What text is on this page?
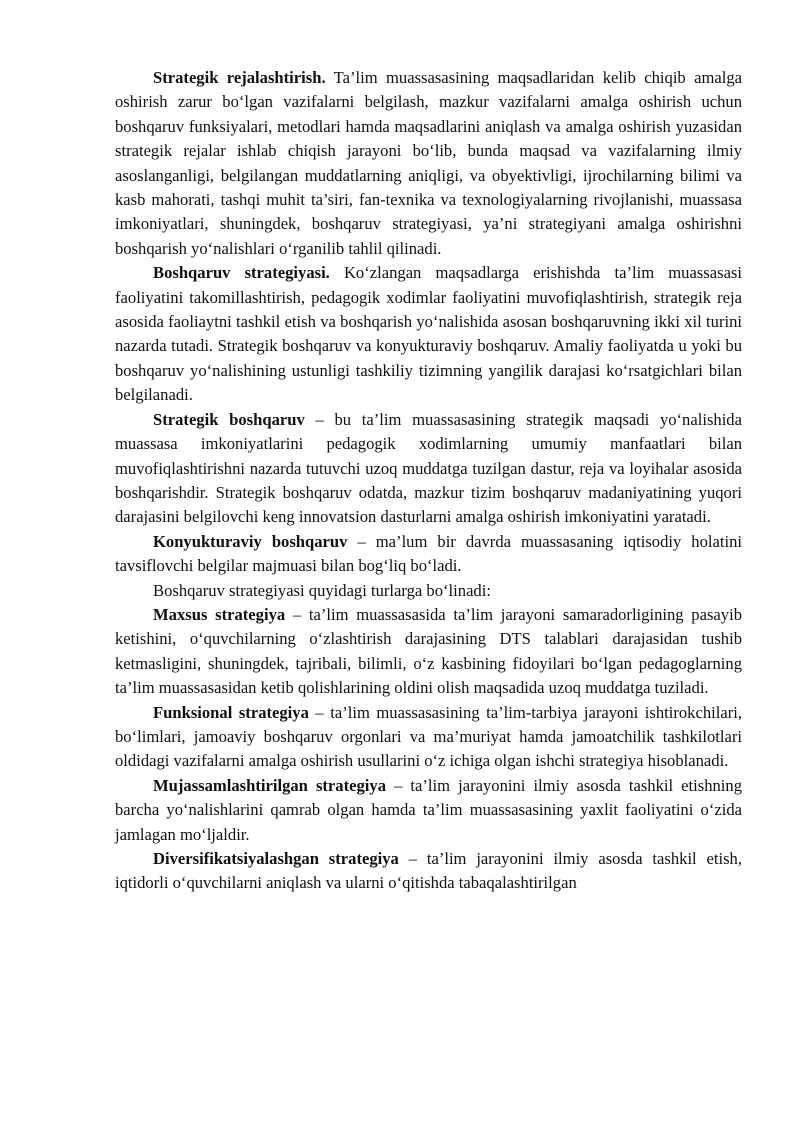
Strategik rejalashtirish. Ta’lim muassasasining maqsadlaridan kelib chiqib amalga oshirish zarur bo‘lgan vazifalarni belgilash, mazkur vazifalarni amalga oshirish uchun boshqaruv funksiyalari, metodlari hamda maqsadlarini aniqlash va amalga oshirish yuzasidan strategik rejalar ishlab chiqish jarayoni bo‘lib, bunda maqsad va vazifalarning ilmiy asoslanganligi, belgilangan muddatlarning aniqligi, va obyektivligi, ijrochilarning bilimi va kasb mahorati, tashqi muhit ta’siri, fan-texnika va texnologiyalarning rivojlanishi, muassasa imkoniyatlari, shuningdek, boshqaruv strategiyasi, ya’ni strategiyani amalga oshirishni boshqarish yo‘nalishlari o‘rganilib tahlil qilinadi.

Boshqaruv strategiyasi. Ko‘zlangan maqsadlarga erishishda ta’lim muassasasi faoliyatini takomillashtirish, pedagogik xodimlar faoliyatini muvofiqlashtirish, strategik reja asosida faoliaytni tashkil etish va boshqarish yo‘nalishida asosan boshqaruvning ikki xil turini nazarda tutadi. Strategik boshqaruv va konyukturaviy boshqaruv. Amaliy faoliyatda u yoki bu boshqaruv yo‘nalishining ustunligi tashkiliy tizimning yangilik darajasi ko‘rsatgichlari bilan belgilanadi.

Strategik boshqaruv – bu ta’lim muassasasining strategik maqsadi yo‘nalishida muassasa imkoniyatlarini pedagogik xodimlarning umumiy manfaatlari bilan muvofiqlashtirishni nazarda tutuvchi uzoq muddatga tuzilgan dastur, reja va loyihalar asosida boshqarishdir. Strategik boshqaruv odatda, mazkur tizim boshqaruv madaniyatining yuqori darajasini belgilovchi keng innovatsion dasturlarni amalga oshirish imkoniyatini yaratadi.

Konyukturaviy boshqaruv – ma’lum bir davrda muassasaning iqtisodiy holatini tavsiflovchi belgilar majmuasi bilan bog‘liq bo‘ladi.

Boshqaruv strategiyasi quyidagi turlarga bo‘linadi:

Maxsus strategiya – ta’lim muassasasida ta’lim jarayoni samaradorligining pasayib ketishini, o‘quvchilarning o‘zlashtirish darajasining DTS talablari darajasidan tushib ketmasligini, shuningdek, tajribali, bilimli, o‘z kasbining fidoyilari bo‘lgan pedagoglarning ta’lim muassasasidan ketib qolishlarining oldini olish maqsadida uzoq muddatga tuziladi.

Funksional strategiya – ta’lim muassasasining ta’lim-tarbiya jarayoni ishtirokchilari, bo‘limlari, jamoaviy boshqaruv orgonlari va ma’muriyat hamda jamoatchilik tashkilotlari oldidagi vazifalarni amalga oshirish usullarini o‘z ichiga olgan ishchi strategiya hisoblanadi.

Mujassamlashtirilgan strategiya – ta’lim jarayonini ilmiy asosda tashkil etishning barcha yo‘nalishlarini qamrab olgan hamda ta’lim muassasasining yaxlit faoliyatini o‘zida jamlagan mo‘ljaldir.

Diversifikatsiyalashgan strategiya – ta’lim jarayonini ilmiy asosda tashkil etish, iqtidorli o‘quvchilarni aniqlash va ularni o‘qitishda tabaqalashtirilgan
